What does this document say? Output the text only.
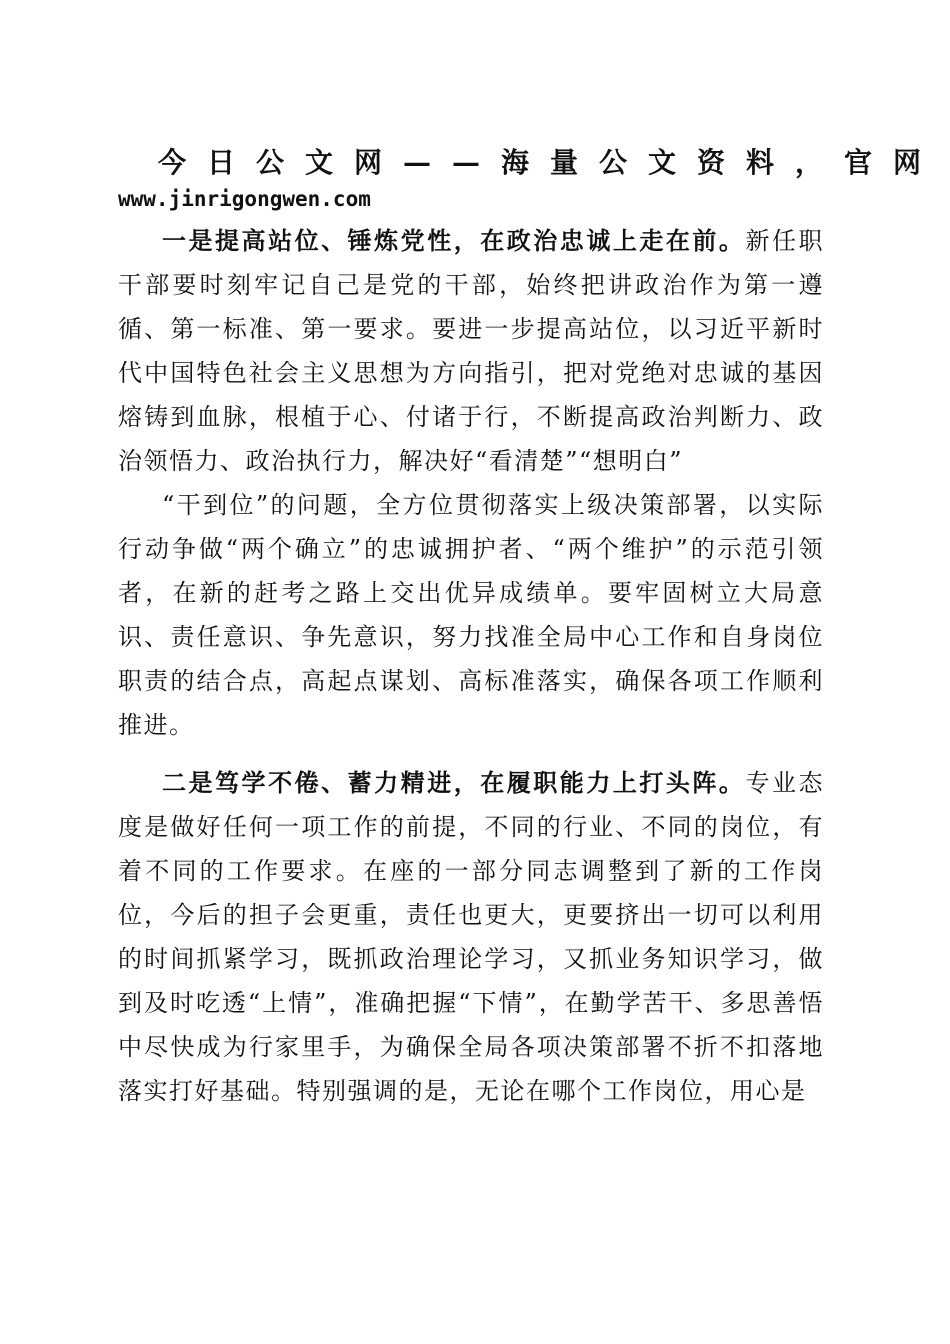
今日公文网——海量公文资料，官网
www.jinrigongwen.com

一是提高站位、锤炼党性，在政治忠诚上走在前。新任职干部要时刻牢记自己是党的干部，始终把讲政治作为第一遵循、第一标准、第一要求。要进一步提高站位，以习近平新时代中国特色社会主义思想为方向指引，把对党绝对忠诚的基因熔铸到血脉，根植于心、付诸于行，不断提高政治判断力、政治领悟力、政治执行力，解决好“看清楚”“想明白”

“干到位”的问题，全方位贯彻落实上级决策部署，以实际行动争做“两个确立”的忠诚拥护者、“两个维护”的示范引领者，在新的赶考之路上交出优异成绩单。要牢固树立大局意识、责任意识、争先意识，努力找准全局中心工作和自身岗位职责的结合点，高起点谋划、高标准落实，确保各项工作顺利推进。

二是笃学不倦、蓄力精进，在履职能力上打头阵。专业态度是做好任何一项工作的前提，不同的行业、不同的岗位，有着不同的工作要求。在座的一部分同志调整到了新的工作岗位，今后的担子会更重，责任也更大，更要挤出一切可以利用的时间抓紧学习，既抓政治理论学习，又抓业务知识学习，做到及时吃透“上情”，准确把握“下情”，在勤学苦干、多思善悟中尽快成为行家里手，为确保全局各项决策部署不折不扣落地落实打好基础。特别强调的是，无论在哪个工作岗位，用心是
